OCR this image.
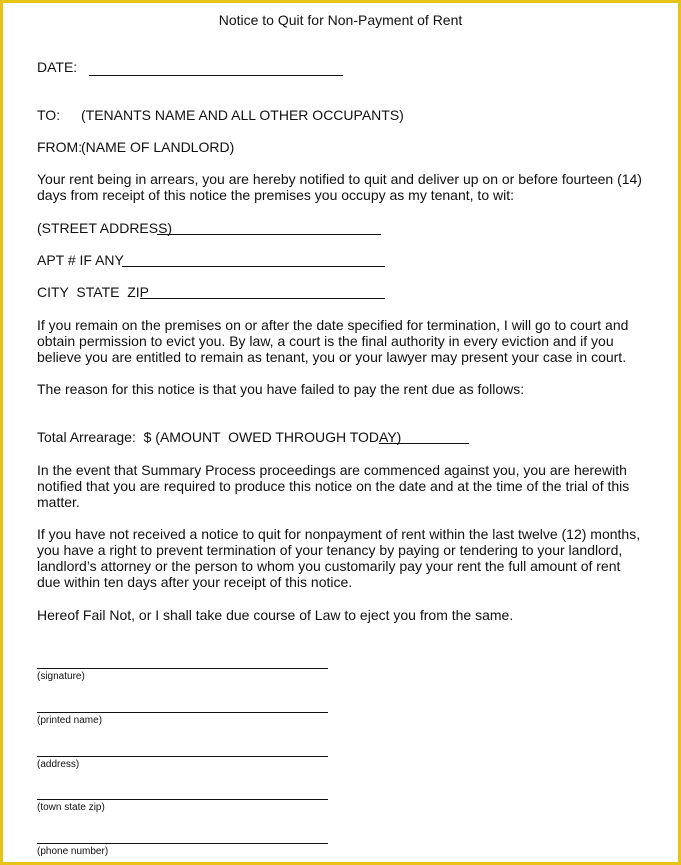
Notice to Quit for Non-Payment of Rent
DATE:
TO: (TENANTS NAME AND ALL OTHER OCCUPANTS)
FROM:
(NAME OF LANDLORD)
Your rent being in arrears, you are hereby notified to quit and deliver up on or before fourteen (14) days from receipt of this notice the premises you occupy as my tenant, to wit:
(STREET ADDRESS)
APT # IF ANY
CITY  STATE  ZIP
If you remain on the premises on or after the date specified for termination, I will go to court and obtain permission to evict you. By law, a court is the final authority in every eviction and if you believe you are entitled to remain as tenant, you or your lawyer may present your case in court.
The reason for this notice is that you have failed to pay the rent due as follows:
Total Arrearage:  $ (AMOUNT  OWED THROUGH TODAY)
In the event that Summary Process proceedings are commenced against you, you are herewith notified that you are required to produce this notice on the date and at the time of the trial of this matter.
If you have not received a notice to quit for nonpayment of rent within the last twelve (12) months, you have a right to prevent termination of your tenancy by paying or tendering to your landlord, landlord’s attorney or the person to whom you customarily pay your rent the full amount of rent due within ten days after your receipt of this notice.
Hereof Fail Not, or I shall take due course of Law to eject you from the same.
(signature)
(printed name)
(address)
(town state zip)
(phone number)
